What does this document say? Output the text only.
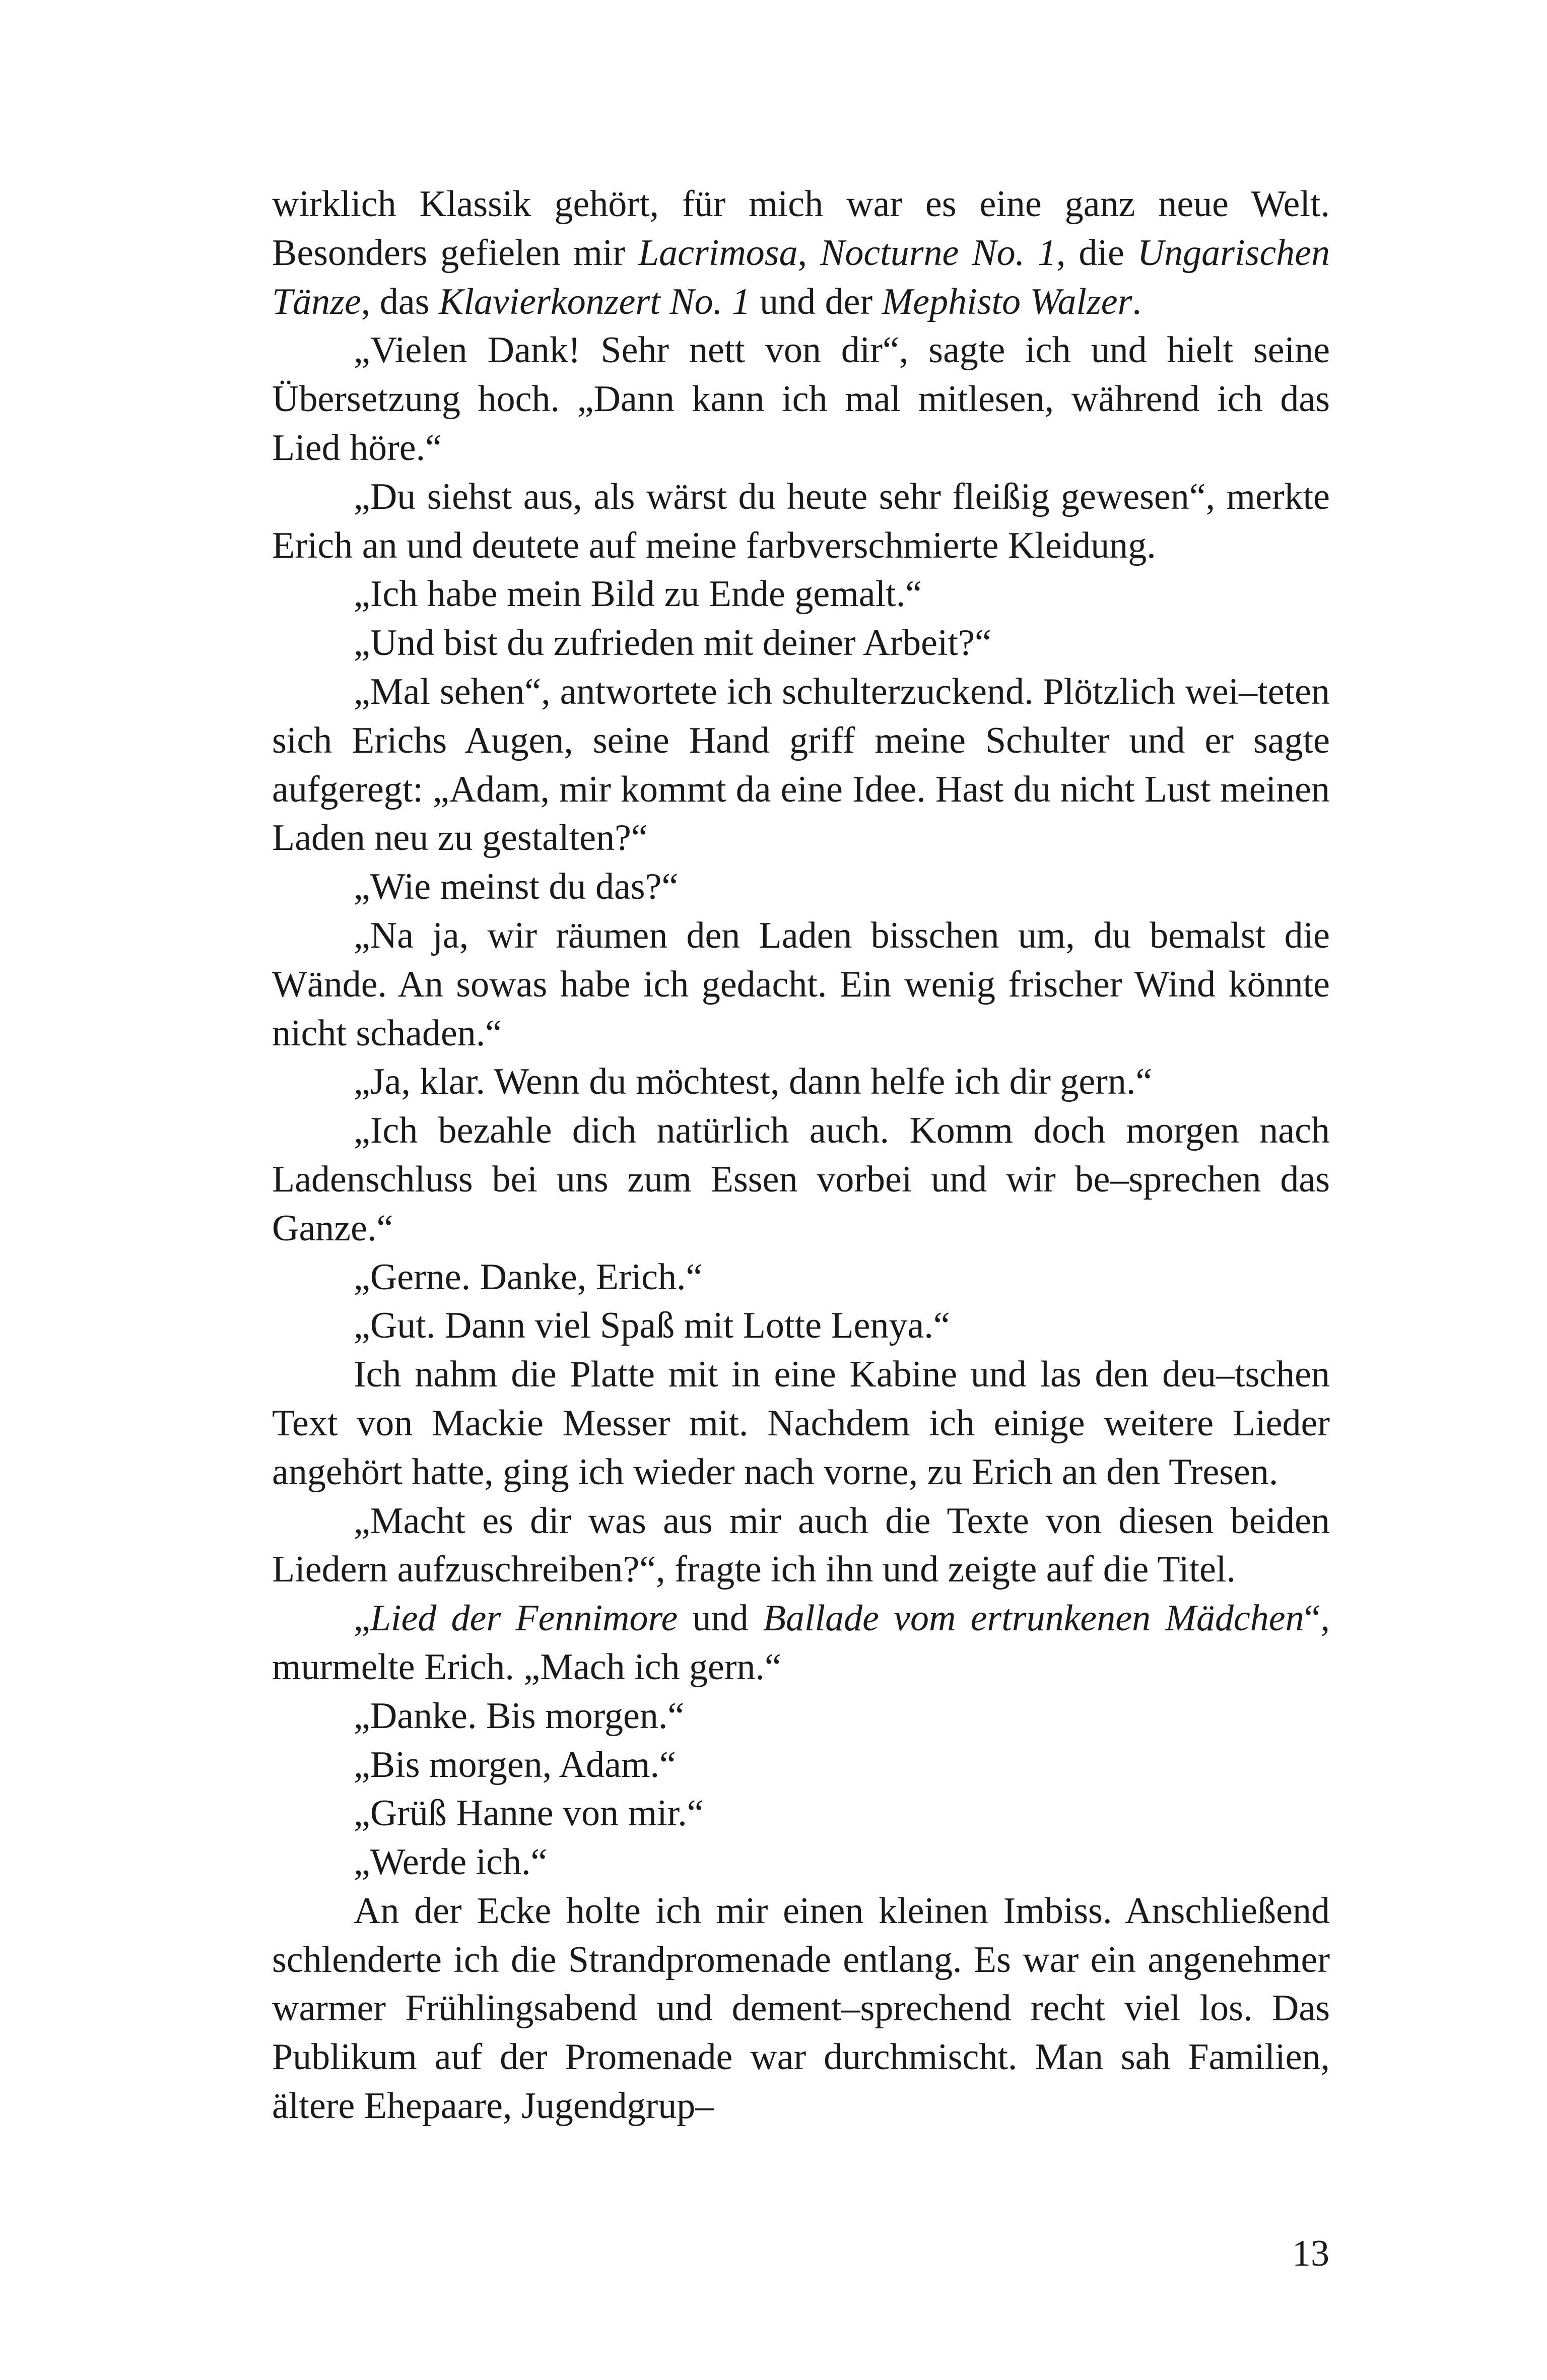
wirklich Klassik gehört, für mich war es eine ganz neue Welt. Besonders gefielen mir Lacrimosa, Nocturne No. 1, die Ungarischen Tänze, das Klavierkonzert No. 1 und der Mephisto Walzer.

„Vielen Dank! Sehr nett von dir“, sagte ich und hielt seine Übersetzung hoch. „Dann kann ich mal mitlesen, während ich das Lied höre.“

„Du siehst aus, als wärst du heute sehr fleißig gewesen“, merkte Erich an und deutete auf meine farbverschmierte Kleidung.

„Ich habe mein Bild zu Ende gemalt.“

„Und bist du zufrieden mit deiner Arbeit?“

„Mal sehen“, antwortete ich schulterzuckend. Plötzlich wei–teten sich Erichs Augen, seine Hand griff meine Schulter und er sagte aufgeregt: „Adam, mir kommt da eine Idee. Hast du nicht Lust meinen Laden neu zu gestalten?“

„Wie meinst du das?“

„Na ja, wir räumen den Laden bisschen um, du bemalst die Wände. An sowas habe ich gedacht. Ein wenig frischer Wind könnte nicht schaden.“

„Ja, klar. Wenn du möchtest, dann helfe ich dir gern.“

„Ich bezahle dich natürlich auch. Komm doch morgen nach Ladenschluss bei uns zum Essen vorbei und wir be–sprechen das Ganze.“

„Gerne. Danke, Erich.“

„Gut. Dann viel Spaß mit Lotte Lenya.“

Ich nahm die Platte mit in eine Kabine und las den deu–tschen Text von Mackie Messer mit. Nachdem ich einige weitere Lieder angehört hatte, ging ich wieder nach vorne, zu Erich an den Tresen.

„Macht es dir was aus mir auch die Texte von diesen beiden Liedern aufzuschreiben?“, fragte ich ihn und zeigte auf die Titel.

„Lied der Fennimore und Ballade vom ertrunkenen Mädchen“, murmelte Erich. „Mach ich gern.“

„Danke. Bis morgen.“

„Bis morgen, Adam.“

„Grüß Hanne von mir.“

„Werde ich.“

An der Ecke holte ich mir einen kleinen Imbiss. Anschließend schlenderte ich die Strandpromenade entlang. Es war ein angenehmer warmer Frühlingsabend und dement–sprechend recht viel los. Das Publikum auf der Promenade war durchmischt. Man sah Familien, ältere Ehepaare, Jugendgrup–

13
